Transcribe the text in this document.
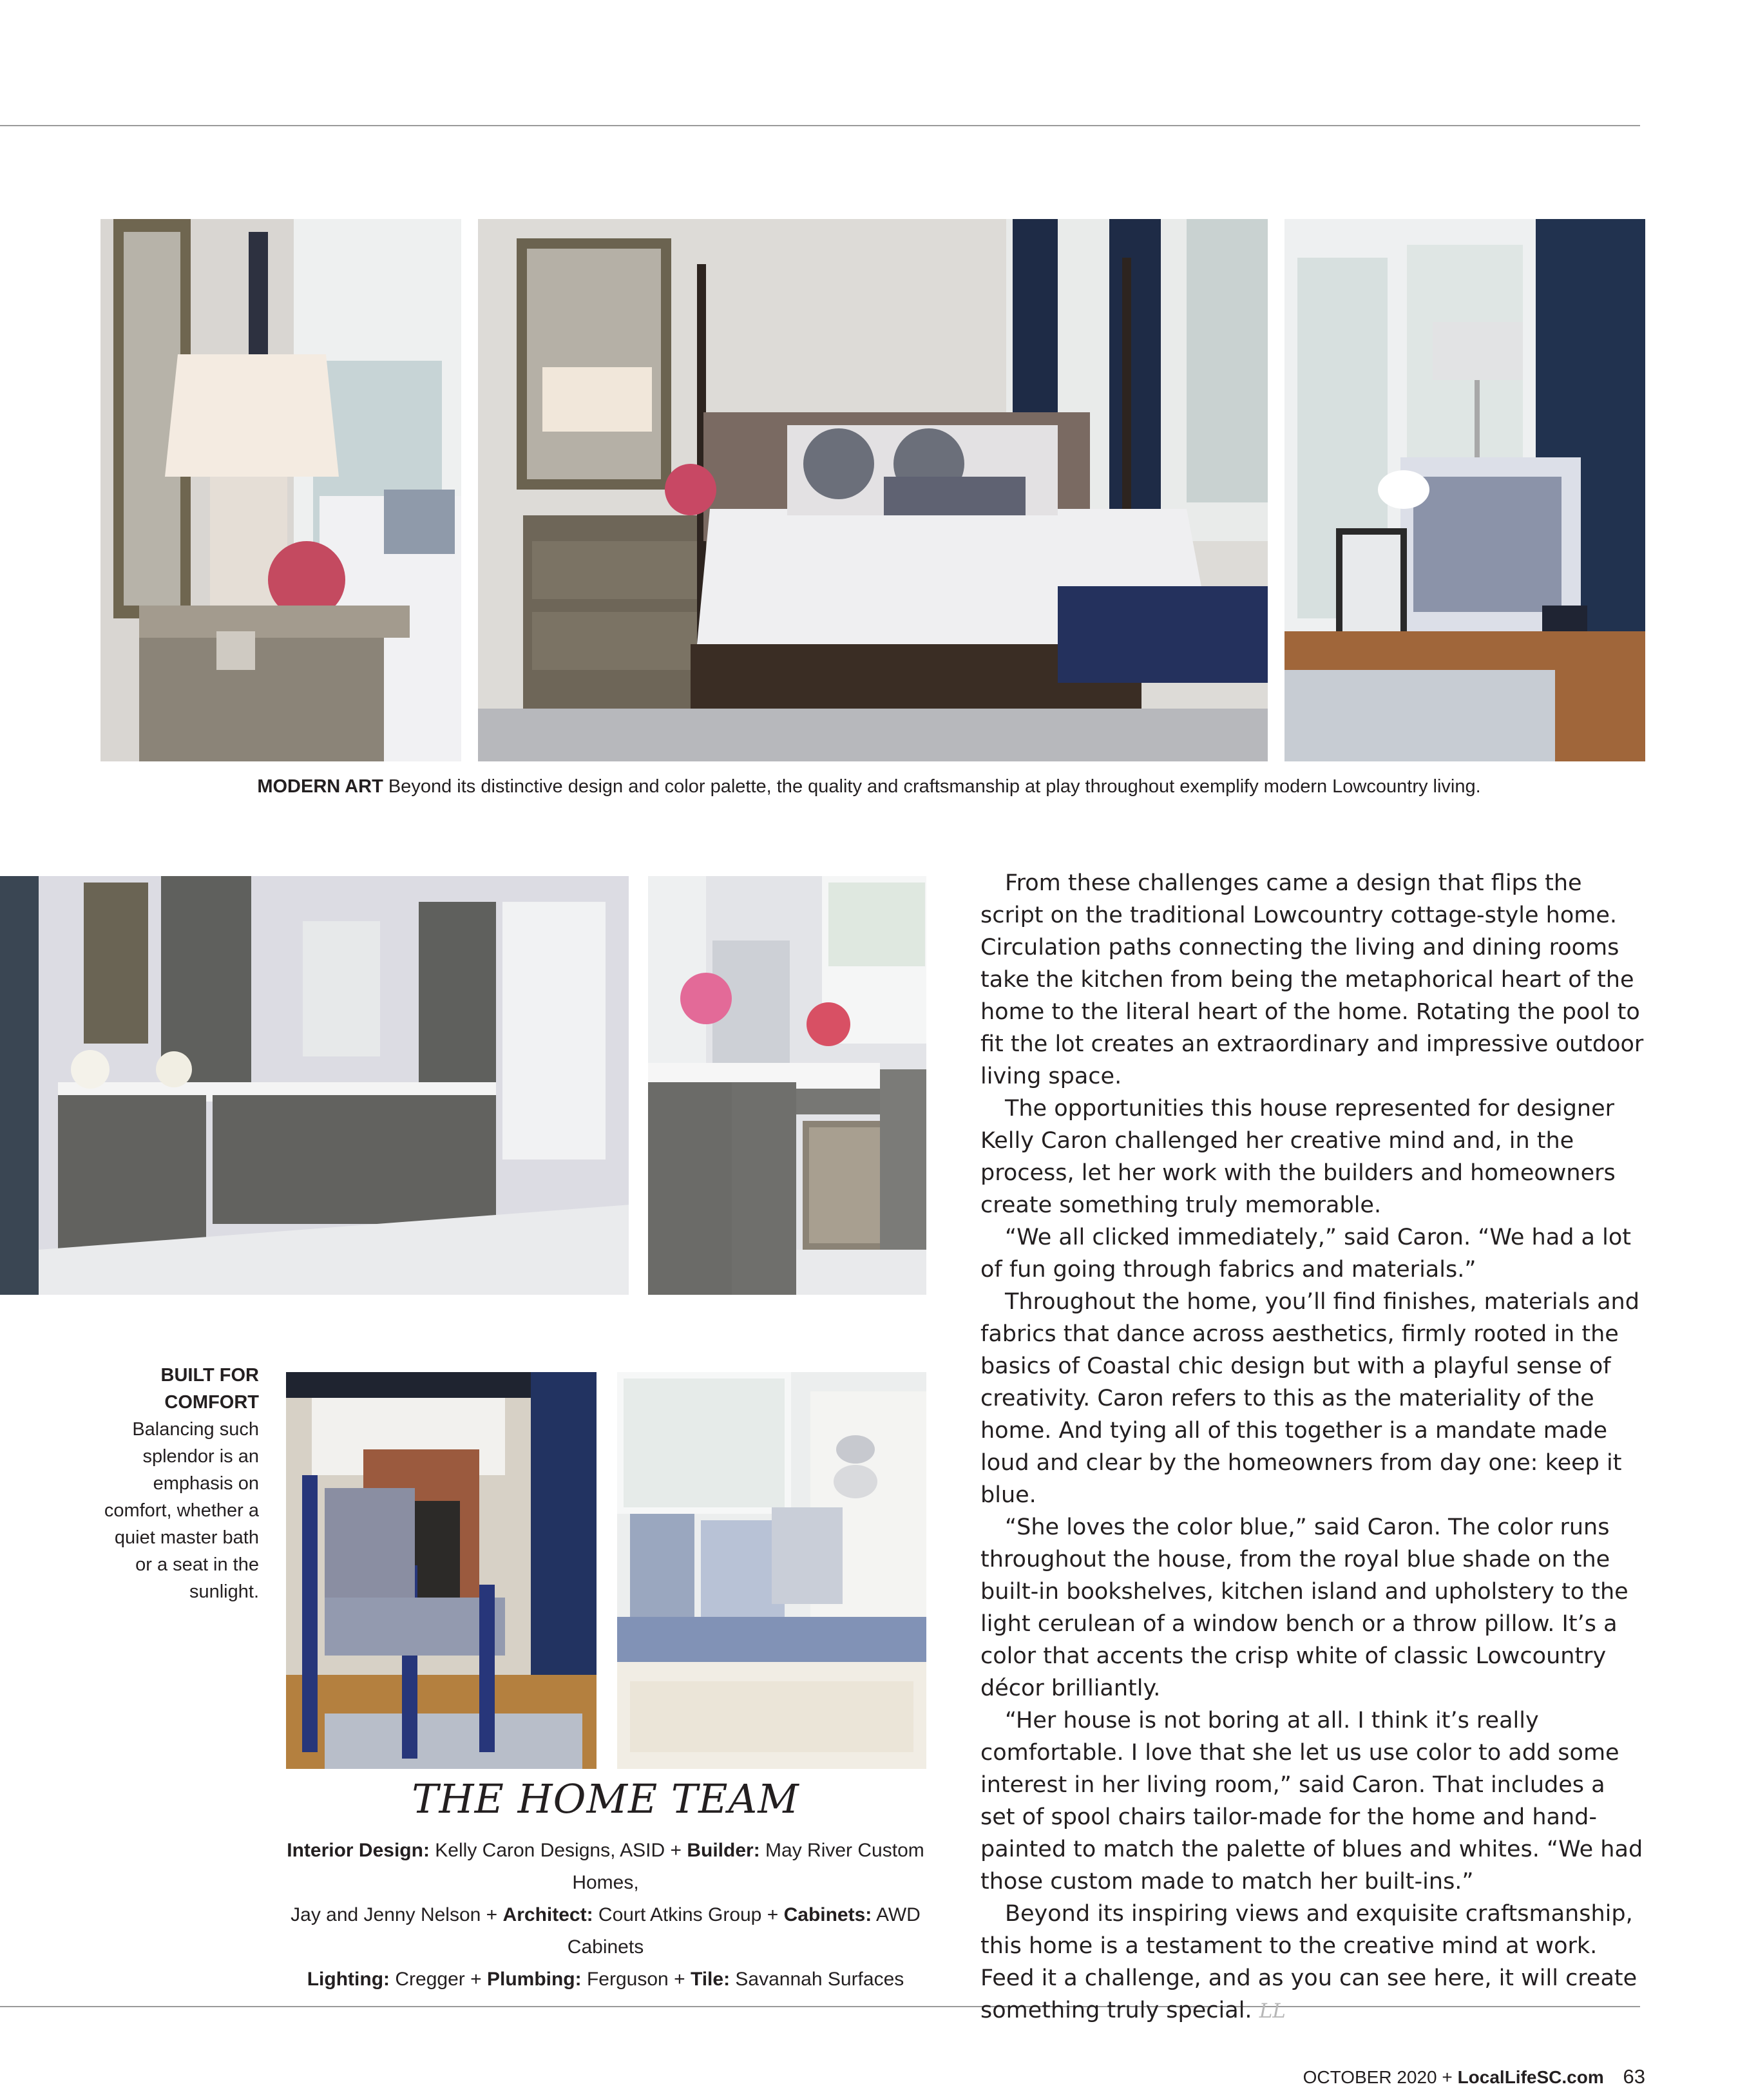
MODERN ART Beyond its distinctive design and color palette, the quality and craftsmanship at play throughout exemplify modern Lowcountry living.
BUILT FOR COMFORT
Balancing such splendor is an emphasis on comfort, whether a quiet master bath or a seat in the sunlight.

From these challenges came a design that flips the script on the traditional Lowcountry cottage-style home. Circulation paths connecting the living and dining rooms take the kitchen from being the metaphorical heart of the home to the literal heart of the home. Rotating the pool to fit the lot creates an extraordinary and impressive outdoor living space.

The opportunities this house represented for designer Kelly Caron challenged her creative mind and, in the process, let her work with the builders and homeowners create something truly memorable.

“We all clicked immediately,” said Caron. “We had a lot of fun going through fabrics and materials.”

Throughout the home, you’ll find finishes, materials and fabrics that dance across aesthetics, firmly rooted in the basics of Coastal chic design but with a playful sense of creativity. Caron refers to this as the materiality of the home. And tying all of this together is a mandate made loud and clear by the homeowners from day one: keep it blue.

“She loves the color blue,” said Caron. The color runs throughout the house, from the royal blue shade on the built-in bookshelves, kitchen island and upholstery to the light cerulean of a window bench or a throw pillow. It’s a color that accents the crisp white of classic Lowcountry décor brilliantly.

“Her house is not boring at all. I think it’s really comfortable. I love that she let us use color to add some interest in her living room,” said Caron. That includes a set of spool chairs tailor-made for the home and hand-painted to match the palette of blues and whites. “We had those custom made to match her built-ins.”

Beyond its inspiring views and exquisite craftsmanship, this home is a testament to the creative mind at work. Feed it a challenge, and as you can see here, it will create something truly special. LL

THE HOME TEAM
Interior Design: Kelly Caron Designs, ASID + Builder: May River Custom Homes,
Jay and Jenny Nelson + Architect: Court Atkins Group + Cabinets: AWD Cabinets
Lighting: Cregger + Plumbing: Ferguson + Tile: Savannah Surfaces
OCTOBER 2020 + LocalLifeSC.com 63
